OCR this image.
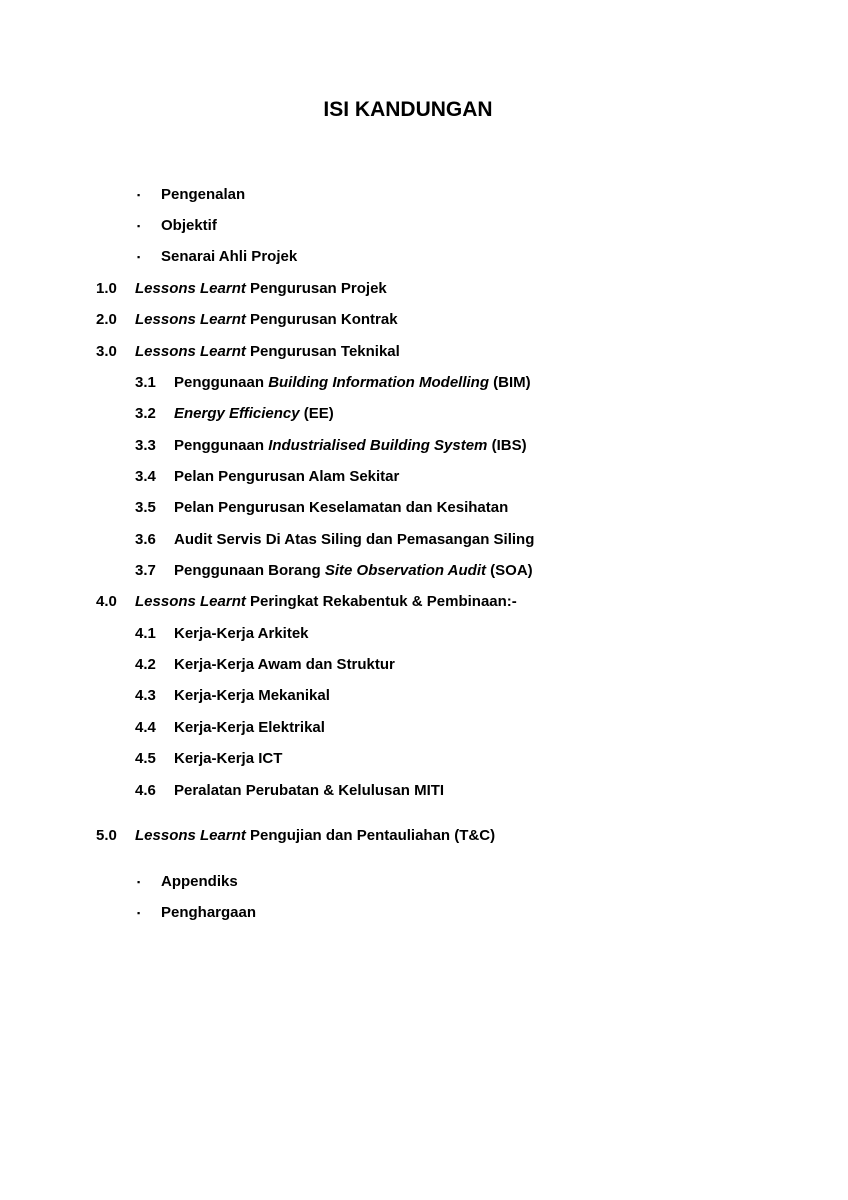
ISI KANDUNGAN
▪ Pengenalan
▪ Objektif
▪ Senarai Ahli Projek
1.0 Lessons Learnt Pengurusan Projek
2.0 Lessons Learnt Pengurusan Kontrak
3.0 Lessons Learnt Pengurusan Teknikal
3.1 Penggunaan Building Information Modelling (BIM)
3.2 Energy Efficiency (EE)
3.3 Penggunaan Industrialised Building System (IBS)
3.4 Pelan Pengurusan Alam Sekitar
3.5 Pelan Pengurusan Keselamatan dan Kesihatan
3.6 Audit Servis Di Atas Siling dan Pemasangan Siling
3.7 Penggunaan Borang Site Observation Audit (SOA)
4.0 Lessons Learnt Peringkat Rekabentuk & Pembinaan:-
4.1 Kerja-Kerja Arkitek
4.2 Kerja-Kerja Awam dan Struktur
4.3 Kerja-Kerja Mekanikal
4.4 Kerja-Kerja Elektrikal
4.5 Kerja-Kerja ICT
4.6 Peralatan Perubatan & Kelulusan MITI
5.0 Lessons Learnt Pengujian dan Pentauliahan (T&C)
▪ Appendiks
▪ Penghargaan
